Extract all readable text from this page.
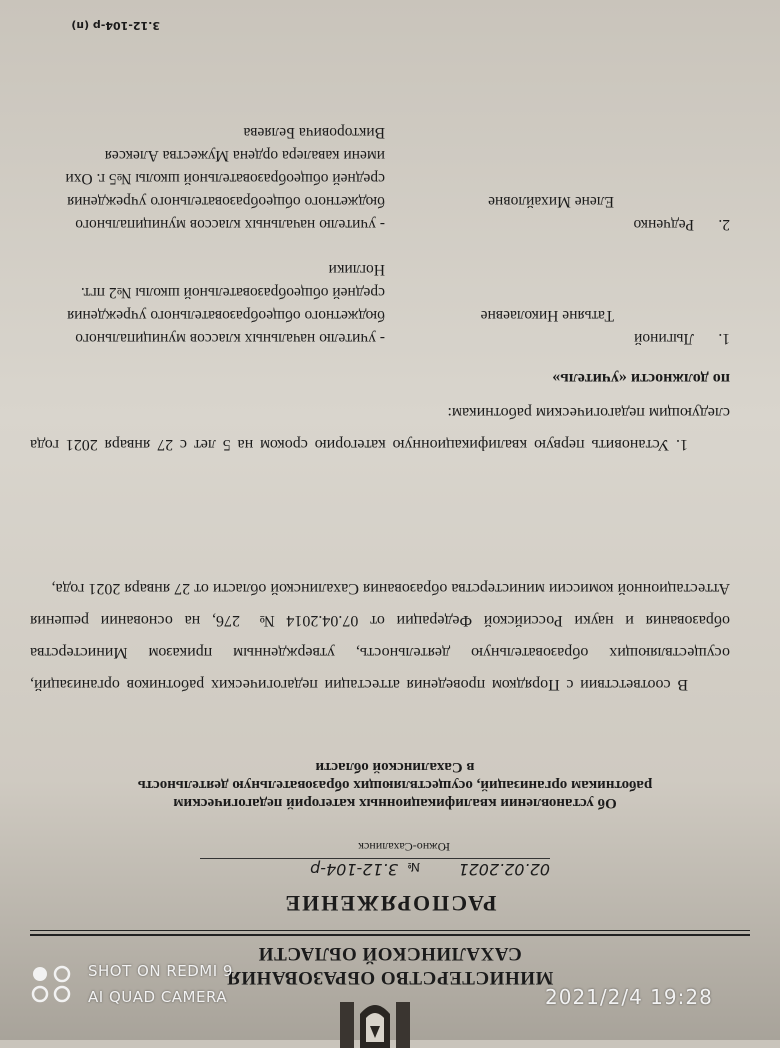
МИНИСТЕРСТВО ОБРАЗОВАНИЯ
САХАЛИНСКОЙ ОБЛАСТИ
РАСПОРЯЖЕНИЕ
02.02.2021
№
3.12-104-р
Южно-Сахалинск
Об установлении квалификационных категорий педагогическим
работникам организаций, осуществляющих образовательную деятельность
в Сахалинской области

В соответствии с Порядком проведения аттестации педагогических работников организаций, осуществляющих образовательную деятельность, утвержденным приказом Министерства образования и науки Российской Федерации от 07.04.2014 № 276, на основании решения Аттестационной комиссии министерства образования Сахалинской области от 27 января 2021 года,

1. Установить первую квалификационную категорию сроком на 5 лет с 27 января 2021 года следующим педагогическим работникам:

по должности «учитель»

1.
Лыгиной
Татьяне Николаевне
- учителю начальных классов муниципального бюджетного общеобразовательного учреждения средней общеобразовательной школы №2 пгт. Ноглики
2.
Редченко
Елене Михайловне
- учителю начальных классов муниципального бюджетного общеобразовательного учреждения средней общеобразовательной школы №5 г. Охи имени кавалера ордена Мужества Алексея Викторовича Беляева
3.12-104-р (п)
SHOT ON REDMI 9
AI QUAD CAMERA	2021/2/4 19:28
